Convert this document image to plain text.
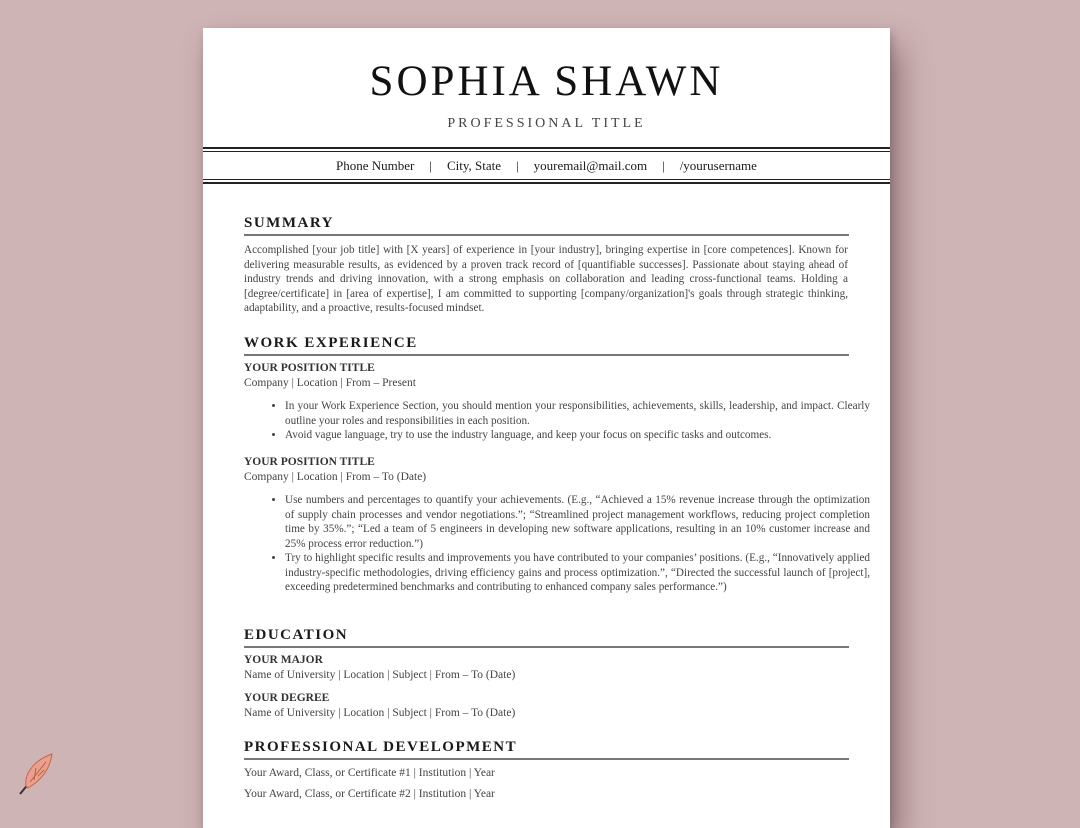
SOPHIA SHAWN
PROFESSIONAL TITLE
Phone Number | City, State | youremail@mail.com | /yourusername
SUMMARY
Accomplished [your job title] with [X years] of experience in [your industry], bringing expertise in [core competences]. Known for delivering measurable results, as evidenced by a proven track record of [quantifiable successes]. Passionate about staying ahead of industry trends and driving innovation, with a strong emphasis on collaboration and leading cross-functional teams. Holding a [degree/certificate] in [area of expertise], I am committed to supporting [company/organization]'s goals through strategic thinking, adaptability, and a proactive, results-focused mindset.
WORK EXPERIENCE
YOUR POSITION TITLE
Company | Location | From – Present
• In your Work Experience Section, you should mention your responsibilities, achievements, skills, leadership, and impact. Clearly outline your roles and responsibilities in each position.
• Avoid vague language, try to use the industry language, and keep your focus on specific tasks and outcomes.
YOUR POSITION TITLE
Company | Location | From – To (Date)
• Use numbers and percentages to quantify your achievements. (E.g., “Achieved a 15% revenue increase through the optimization of supply chain processes and vendor negotiations.”; “Streamlined project management workflows, reducing project completion time by 35%.”; “Led a team of 5 engineers in developing new software applications, resulting in an 10% customer increase and 25% process error reduction.”)
• Try to highlight specific results and improvements you have contributed to your companies’ positions. (E.g., “Innovatively applied industry-specific methodologies, driving efficiency gains and process optimization.”, “Directed the successful launch of [project], exceeding predetermined benchmarks and contributing to enhanced company sales performance.”)
EDUCATION
YOUR MAJOR
Name of University | Location | Subject | From – To (Date)
YOUR DEGREE
Name of University | Location | Subject | From – To (Date)
PROFESSIONAL DEVELOPMENT
Your Award, Class, or Certificate #1 | Institution | Year
Your Award, Class, or Certificate #2 | Institution | Year
